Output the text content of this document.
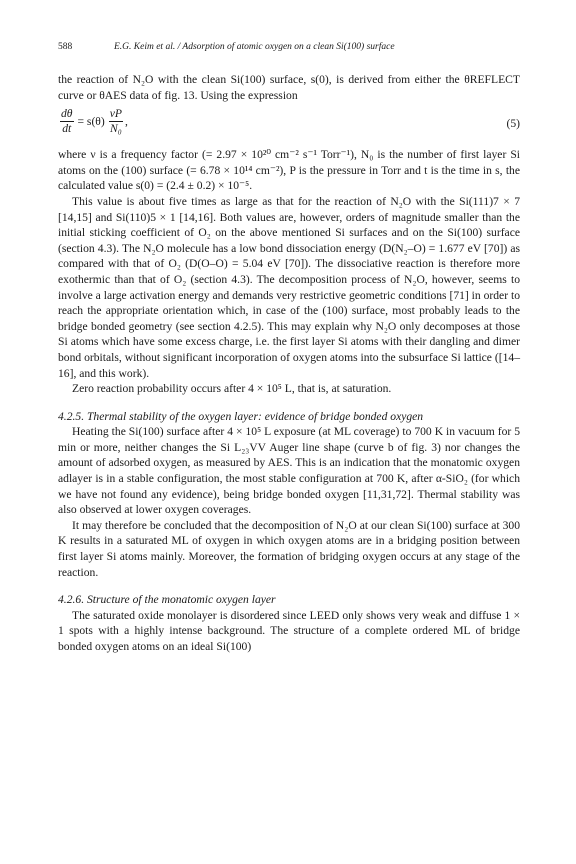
588	E.G. Keim et al. / Adsorption of atomic oxygen on a clean Si(100) surface

the reaction of N₂O with the clean Si(100) surface, s(0), is derived from either the θREFLECT curve or θAES data of fig. 13. Using the expression

$\frac{d\theta}{dt} = s(\theta) \frac{\nu P}{\text{N₀}}$ ,	(5)

where ν is a frequency factor (= 2.97 × 10²⁰ cm⁻² s⁻¹ Torr⁻¹), N₀ is the number of first layer Si atoms on the (100) surface (= 6.78 × 10¹⁴ cm⁻²), P is the pressure in Torr and t is the time in s, the calculated value s(0) = (2.4 ± 0.2) × 10⁻⁵.

This value is about five times as large as that for the reaction of N₂O with the Si(111)7 × 7 [14,15] and Si(110)5 × 1 [14,16]. Both values are, however, orders of magnitude smaller than the initial sticking coefficient of O₂ on the above mentioned Si surfaces and on the Si(100) surface (section 4.3). The N₂O molecule has a low bond dissociation energy (D(N₂–O) = 1.677 eV [70]) as compared with that of O₂ (D(O–O) = 5.04 eV [70]). The dissociative reaction is therefore more exothermic than that of O₂ (section 4.3). The decomposition process of N₂O, however, seems to involve a large activation energy and demands very restrictive geometric conditions [71] in order to reach the appropriate orientation which, in case of the (100) surface, most probably leads to the bridge bonded geometry (see section 4.2.5). This may explain why N₂O only decomposes at those Si atoms which have some excess charge, i.e. the first layer Si atoms with their dangling and dimer bond orbitals, without significant incorporation of oxygen atoms into the subsurface Si lattice ([14–16], and this work).

Zero reaction probability occurs after 4 × 10⁵ L, that is, at saturation.

4.2.5. Thermal stability of the oxygen layer: evidence of bridge bonded oxygen

Heating the Si(100) surface after 4 × 10⁵ L exposure (at ML coverage) to 700 K in vacuum for 5 min or more, neither changes the Si L₂₃VV Auger line shape (curve b of fig. 3) nor changes the amount of adsorbed oxygen, as measured by AES. This is an indication that the monatomic oxygen adlayer is in a stable configuration, the most stable configuration at 700 K, after α-SiO₂ (for which we have not found any evidence), being bridge bonded oxygen [11,31,72]. Thermal stability was also observed at lower oxygen coverages.

It may therefore be concluded that the decomposition of N₂O at our clean Si(100) surface at 300 K results in a saturated ML of oxygen in which oxygen atoms are in a bridging position between first layer Si atoms mainly. Moreover, the formation of bridging oxygen occurs at any stage of the reaction.

4.2.6. Structure of the monatomic oxygen layer

The saturated oxide monolayer is disordered since LEED only shows very weak and diffuse 1 × 1 spots with a highly intense background. The structure of a complete ordered ML of bridge bonded oxygen atoms on an ideal Si(100)
